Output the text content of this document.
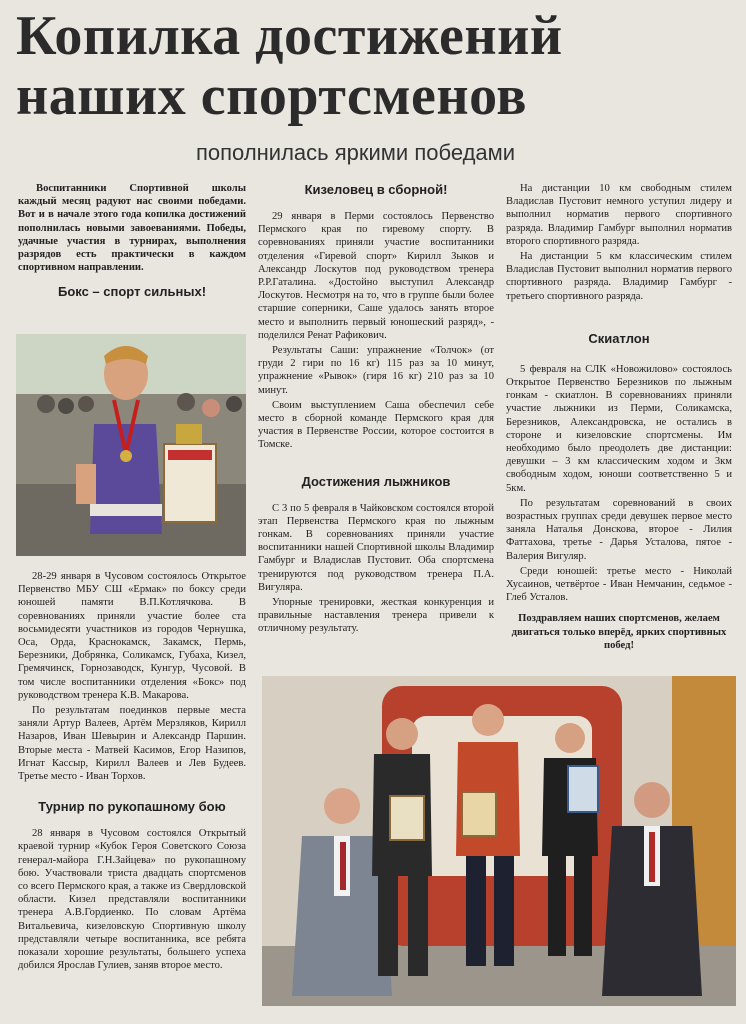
Копилка достижений
наших спортсменов
пополнилась яркими победами
Воспитанники Спортивной школы каждый месяц радуют нас своими победами. Вот и в начале этого года копилка достижений пополнилась новыми завоеваниями. Победы, удачные участия в турнирах, выполнения разрядов есть практически в каждом спортивном направлении.
Бокс – спорт сильных!

28-29 января в Чусовом состоялось Открытое Первенство МБУ СШ «Ермак» по боксу среди юношей памяти В.П.Котлячкова. В соревнованиях приняли участие более ста восьмидесяти участников из городов Чернушка, Оса, Орда, Краснокамск, Закамск, Пермь, Березники, Добрянка, Соликамск, Губаха, Кизел, Гремячинск, Горнозаводск, Кунгур, Чусовой. В том числе воспитанники отделения «Бокс» под руководством тренера К.В. Макарова.

По результатам поединков первые места заняли Артур Валеев, Артём Мерзляков, Кирилл Назаров, Иван Шевырин и Александр Паршин. Вторые места - Матвей Касимов, Егор Назипов, Игнат Кассыр, Кирилл Валеев и Лев Будеев. Третье место - Иван Торхов.

Турнир по рукопашному бою

28 января в Чусовом состоялся Открытый краевой турнир «Кубок Героя Советского Союза генерал-майора Г.Н.Зайцева» по рукопашному бою. Участвовали триста двадцать спортсменов со всего Пермского края, а также из Свердловской области. Кизел представляли воспитанники тренера А.В.Гордиенко. По словам Артёма Витальевича, кизеловскую Спортивную школу представляли четыре воспитанника, все ребята показали хорошие результаты, большего успеха добился Ярослав Гулиев, заняв второе место.

Кизеловец в сборной!

29 января в Перми состоялось Первенство Пермского края по гиревому спорту. В соревнованиях приняли участие воспитанники отделения «Гиревой спорт» Кирилл Зыков и Александр Лоскутов под руководством тренера Р.Р.Гаталина. «Достойно выступил Александр Лоскутов. Несмотря на то, что в группе были более старшие соперники, Саше удалось занять второе место и выполнить первый юношеский разряд», - поделился Ренат Рафикович.

Результаты Саши: упражнение «Толчок» (от груди 2 гири по 16 кг) 115 раз за 10 минут, упражнение «Рывок» (гиря 16 кг) 210 раз за 10 минут.

Своим выступлением Саша обеспечил себе место в сборной команде Пермского края для участия в Первенстве России, которое состоится в Томске.

Достижения лыжников

С 3 по 5 февраля в Чайковском состоялся второй этап Первенства Пермского края по лыжным гонкам. В соревнованиях приняли участие воспитанники нашей Спортивной школы Владимир Гамбург и Владислав Пустовит. Оба спортсмена тренируются под руководством тренера П.А. Вигуляра.

Упорные тренировки, жесткая конкуренция и правильные наставления тренера привели к отличному результату.

На дистанции 10 км свободным стилем Владислав Пустовит немного уступил лидеру и выполнил норматив первого спортивного разряда. Владимир Гамбург выполнил норматив второго спортивного разряда.

На дистанции 5 км классическим стилем Владислав Пустовит выполнил норматив первого спортивного разряда. Владимир Гамбург - третьего спортивного разряда.

Скиатлон

5 февраля на СЛК «Новожилово» состоялось Открытое Первенство Березников по лыжным гонкам - скиатлон. В соревнованиях приняли участие лыжники из Перми, Соликамска, Березников, Александровска, не остались в стороне и кизеловские спортсмены. Им необходимо было преодолеть две дистанции: девушки – 3 км классическим ходом и 3км свободным ходом, юноши соответственно 5 и 5км.

По результатам соревнований в своих возрастных группах среди девушек первое место заняла Наталья Донскова, второе - Лилия Фаттахова, третье - Дарья Усталова, пятое - Валерия Вигуляр.

Среди юношей: третье место - Николай Хусаинов, четвёртое - Иван Немчанин, седьмое - Глеб Усталов.

Поздравляем наших спортсменов, желаем двигаться только вперёд, ярких спортивных побед!
